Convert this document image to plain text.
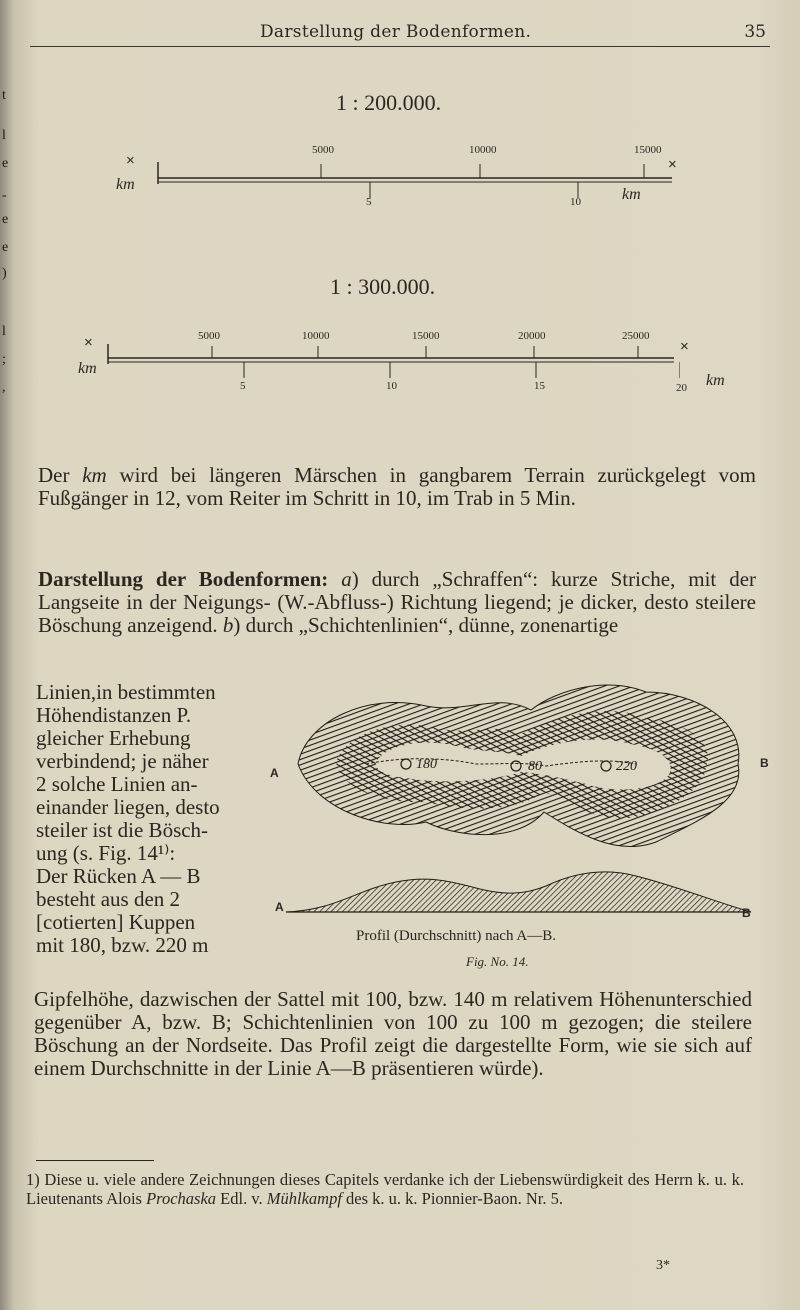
t
l
e
-
e
e
)
l
;
,
Darstellung der Bodenformen.	35
1 : 200.000.
×
km
5000	10000	15000
5	10
×
km
1 : 300.000.
×
km
5000	10000	15000	20000	25000
5	10	15	20
×
km

Der km wird bei längeren Märschen in gangbarem Terrain zurückgelegt vom Fußgänger in 12, vom Reiter im Schritt in 10, im Trab in 5 Min.

Darstellung der Bodenformen: a) durch „Schraffen“: kurze Striche, mit der Langseite in der Neigungs- (W.-Abfluss-) Richtung liegend; je dicker, desto steilere Böschung anzeigend. b) durch „Schichtenlinien“, dünne, zonenartige

Linien,in bestimmten
Höhendistanzen P.
gleicher Erhebung
verbindend; je näher
2 solche Linien an-
einander liegen, desto
steiler ist die Bösch-
ung (s. Fig. 14¹⁾:
Der Rücken A — B
besteht aus den 2
[cotierten] Kuppen
mit 180, bzw. 220 m
180	80	220
A
B
A	B
Profil (Durchschnitt) nach A—B.
Fig. No. 14.

Gipfelhöhe, dazwischen der Sattel mit 100, bzw. 140 m relativem Höhenunterschied gegenüber A, bzw. B; Schichtenlinien von 100 zu 100 m gezogen; die steilere Böschung an der Nordseite. Das Profil zeigt die dargestellte Form, wie sie sich auf einem Durchschnitte in der Linie A—B präsentieren würde).

1) Diese u. viele andere Zeichnungen dieses Capitels verdanke ich der Liebenswürdigkeit des Herrn k. u. k. Lieutenants Alois Prochaska Edl. v. Mühlkampf des k. u. k. Pionnier-Baon. Nr. 5.
3*
